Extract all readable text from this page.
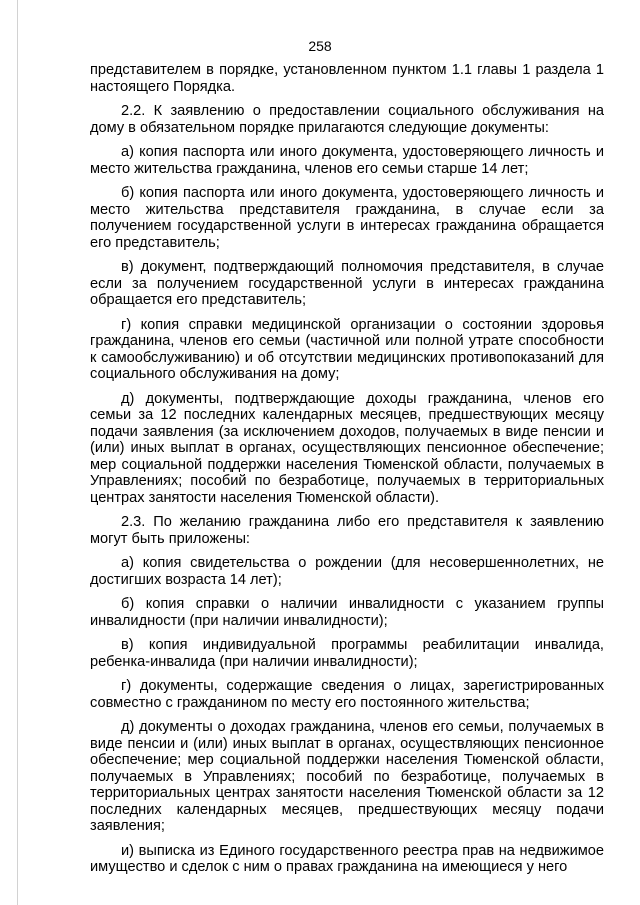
258

представителем в порядке, установленном пунктом 1.1 главы 1 раздела 1 настоящего Порядка.

2.2. К заявлению о предоставлении социального обслуживания на дому в обязательном порядке прилагаются следующие документы:

а) копия паспорта или иного документа, удостоверяющего личность и место жительства гражданина, членов его семьи старше 14 лет;

б) копия паспорта или иного документа, удостоверяющего личность и место жительства представителя гражданина, в случае если за получением государственной услуги в интересах гражданина обращается его представитель;

в) документ, подтверждающий полномочия представителя, в случае если за получением государственной услуги в интересах гражданина обращается его представитель;

г) копия справки медицинской организации о состоянии здоровья гражданина, членов его семьи (частичной или полной утрате способности к самообслуживанию) и об отсутствии медицинских противопоказаний для социального обслуживания на дому;

д) документы, подтверждающие доходы гражданина, членов его семьи за 12 последних календарных месяцев, предшествующих месяцу подачи заявления (за исключением доходов, получаемых в виде пенсии и (или) иных выплат в органах, осуществляющих пенсионное обеспечение; мер социальной поддержки населения Тюменской области, получаемых в Управлениях; пособий по безработице, получаемых в территориальных центрах занятости населения Тюменской области).

2.3. По желанию гражданина либо его представителя к заявлению могут быть приложены:

а) копия свидетельства о рождении (для несовершеннолетних, не достигших возраста 14 лет);

б) копия справки о наличии инвалидности с указанием группы инвалидности (при наличии инвалидности);

в) копия индивидуальной программы реабилитации инвалида, ребенка-инвалида (при наличии инвалидности);

г) документы, содержащие сведения о лицах, зарегистрированных совместно с гражданином по месту его постоянного жительства;

д) документы о доходах гражданина, членов его семьи, получаемых в виде пенсии и (или) иных выплат в органах, осуществляющих пенсионное обеспечение; мер социальной поддержки населения Тюменской области, получаемых в Управлениях; пособий по безработице, получаемых в территориальных центрах занятости населения Тюменской области за 12 последних календарных месяцев, предшествующих месяцу подачи заявления;

и) выписка из Единого государственного реестра прав на недвижимое имущество и сделок с ним о правах гражданина на имеющиеся у него
